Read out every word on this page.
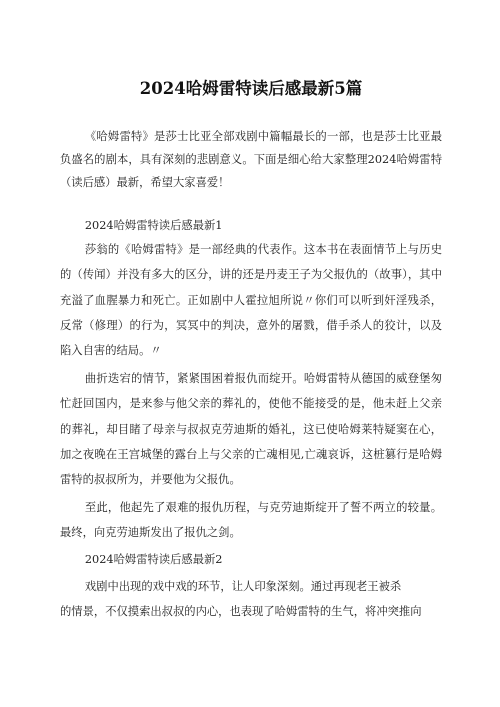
2024哈姆雷特读后感最新5篇

《哈姆雷特》是莎士比亚全部戏剧中篇幅最长的一部，也是莎士比亚最负盛名的剧本，具有深刻的悲剧意义。下面是细心给大家整理2024哈姆雷特（读后感）最新，希望大家喜爱！

2024哈姆雷特读后感最新1

莎翁的《哈姆雷特》是一部经典的代表作。这本书在表面情节上与历史的（传闻）并没有多大的区分，讲的还是丹麦王子为父报仇的（故事），其中充溢了血腥暴力和死亡。正如剧中人霍拉旭所说〃你们可以听到奸淫残杀，反常（修理）的行为，冥冥中的判决，意外的屠戮，借手杀人的狡计，以及陷入自害的结局。〃

曲折迭宕的情节，紧紧围困着报仇而绽开。哈姆雷特从德国的威登堡匆忙赶回国内，是来参与他父亲的葬礼的，使他不能接受的是，他未赶上父亲的葬礼，却目睹了母亲与叔叔克劳迪斯的婚礼，这已使哈姆莱特疑窦在心，加之夜晚在王宫城堡的露台上与父亲的亡魂相见,亡魂哀诉，这桩篡行是哈姆雷特的叔叔所为，并要他为父报仇。

至此，他起先了艰难的报仇历程，与克劳迪斯绽开了誓不两立的较量。最终，向克劳迪斯发出了报仇之剑。

2024哈姆雷特读后感最新2

戏剧中出现的戏中戏的环节，让人印象深刻。通过再现老王被杀
的情景，不仅摸索出叔叔的内心，也表现了哈姆雷特的生气，将冲突推向
